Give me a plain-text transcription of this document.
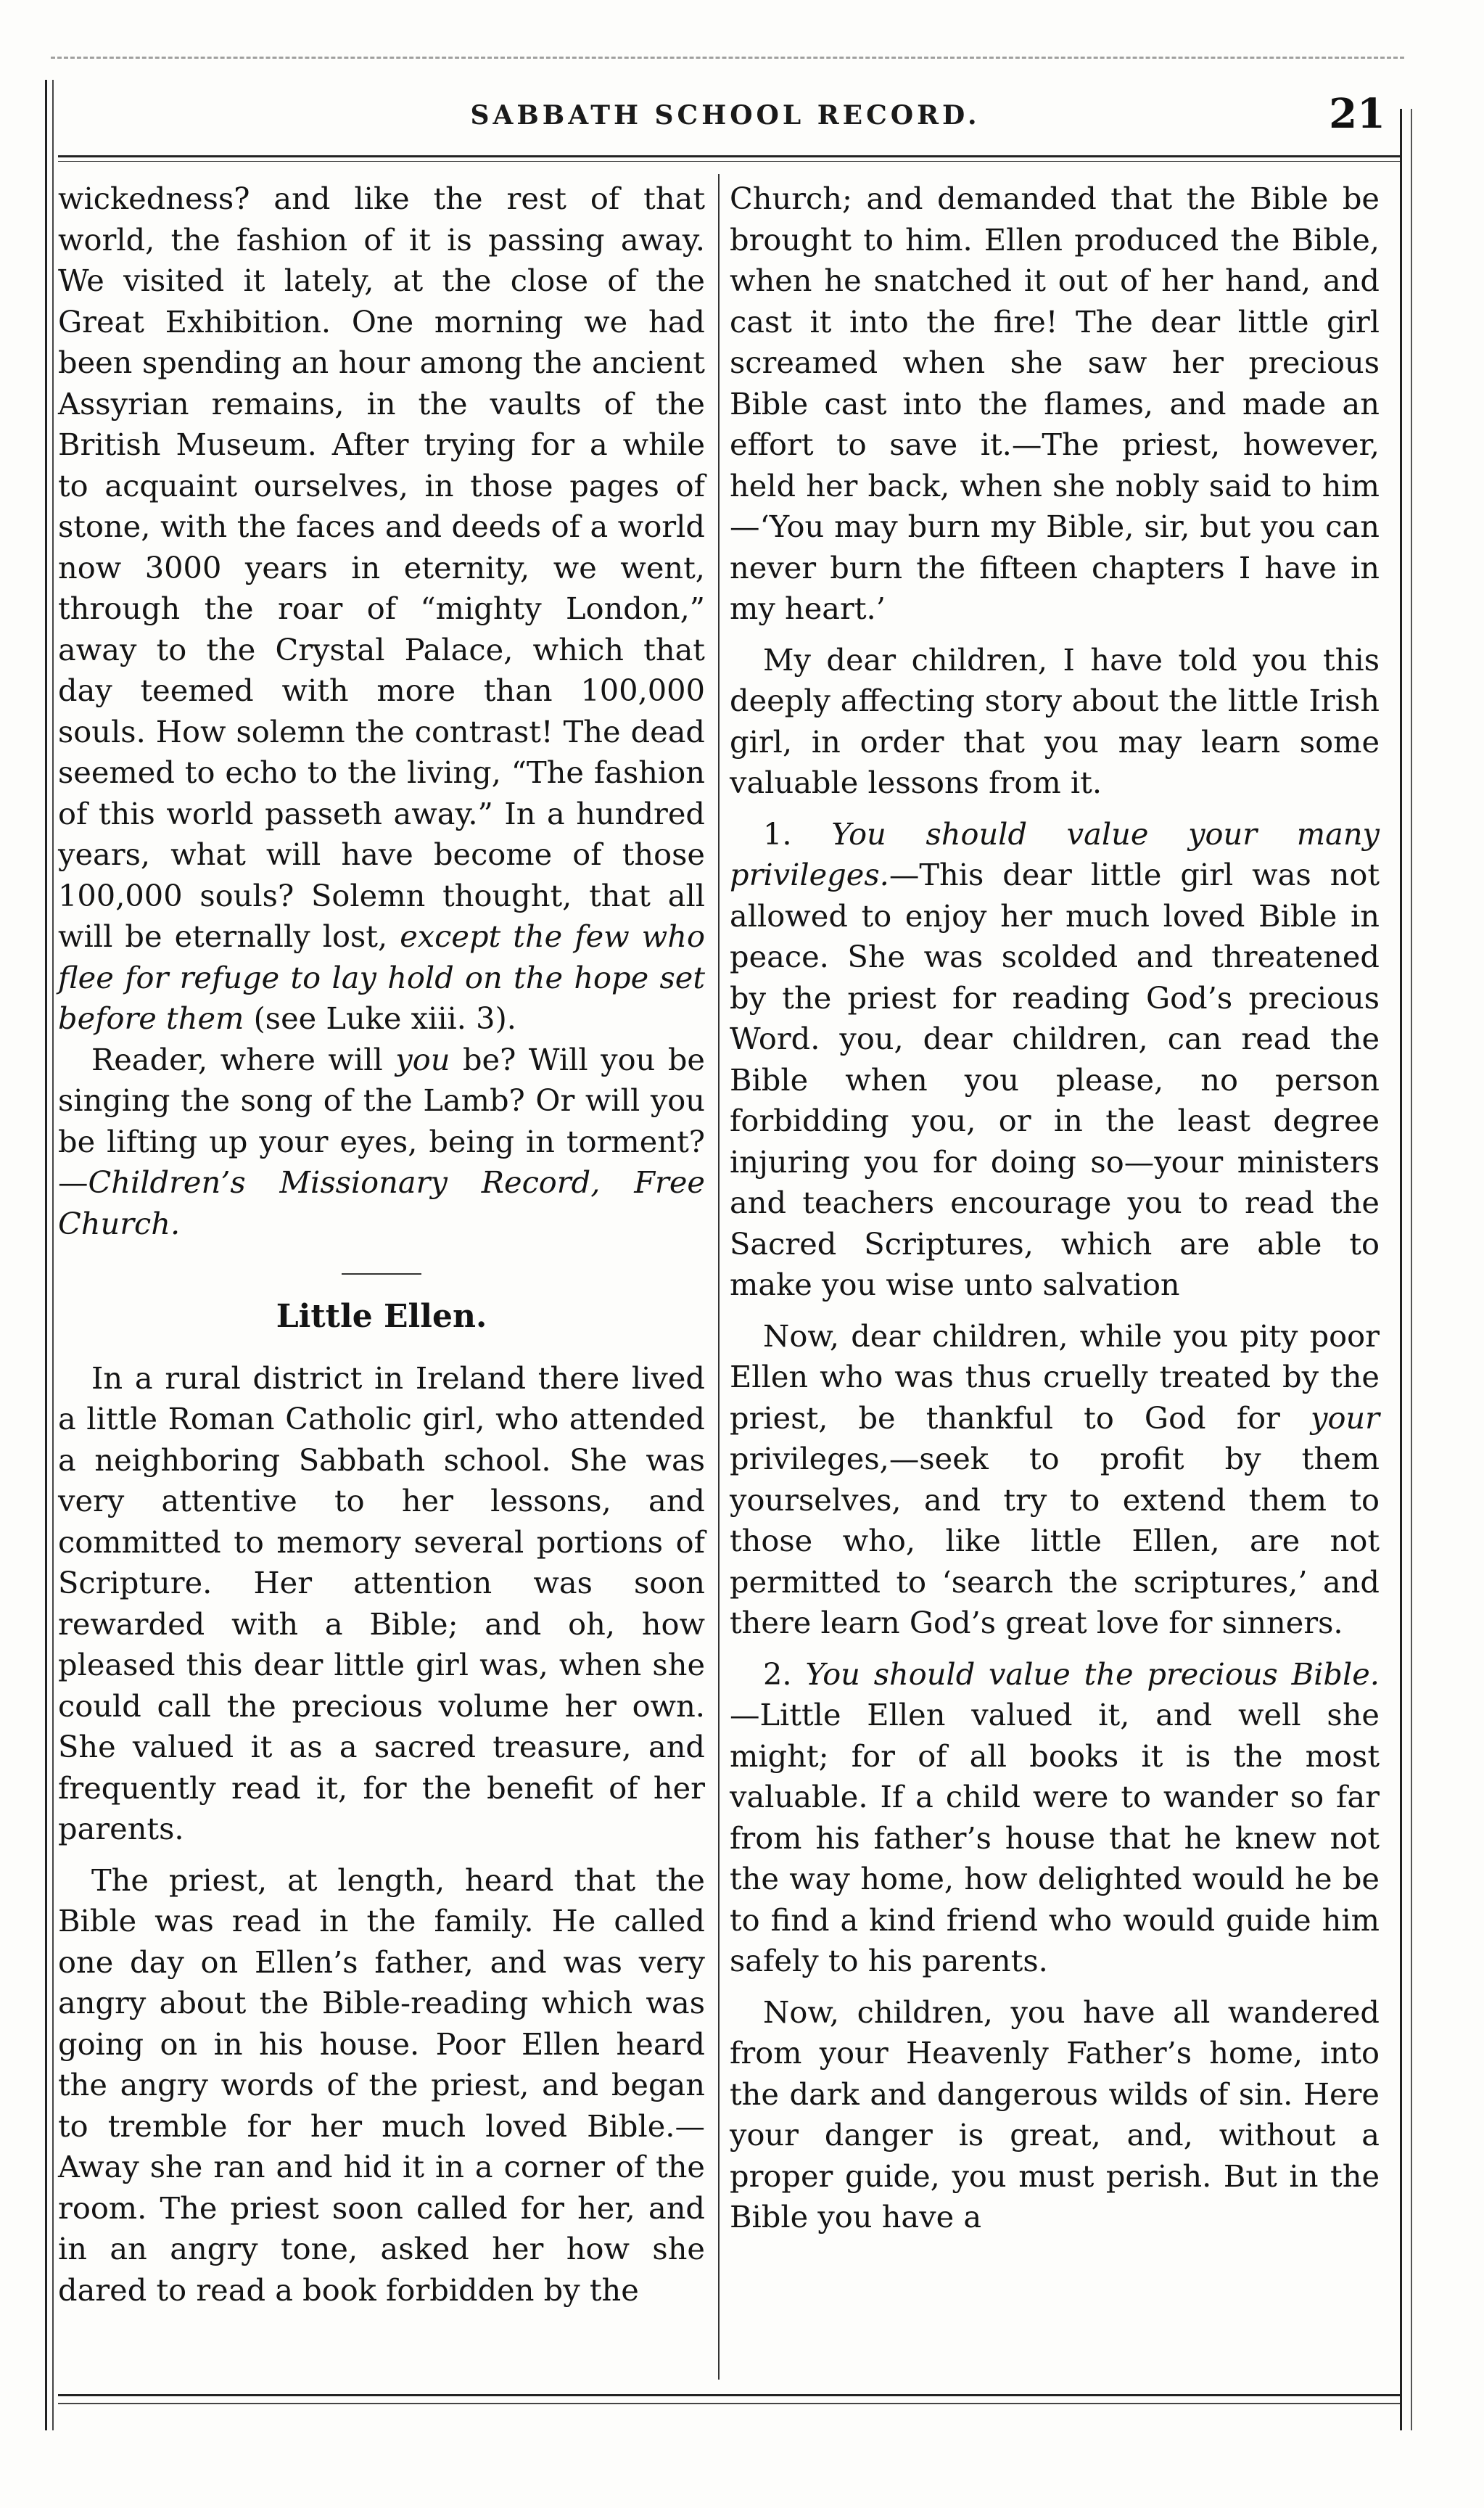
SABBATH SCHOOL RECORD.	21

wickedness? and like the rest of that world, the fashion of it is passing away. We visited it lately, at the close of the Great Exhibition. One morning we had been spending an hour among the ancient Assyrian remains, in the vaults of the British Museum. After trying for a while to acquaint ourselves, in those pages of stone, with the faces and deeds of a world now 3000 years in eternity, we went, through the roar of “mighty London,” away to the Crystal Palace, which that day teemed with more than 100,000 souls. How solemn the contrast! The dead seemed to echo to the living, “The fashion of this world passeth away.” In a hundred years, what will have become of those 100,000 souls? Solemn thought, that all will be eternally lost, except the few who flee for refuge to lay hold on the hope set before them (see Luke xiii. 3).

Reader, where will you be? Will you be singing the song of the Lamb? Or will you be lifting up your eyes, being in torment?—Children’s Missionary Record, Free Church.

Little Ellen.

In a rural district in Ireland there lived a little Roman Catholic girl, who attended a neighboring Sabbath school. She was very attentive to her lessons, and committed to memory several portions of Scripture. Her attention was soon rewarded with a Bible; and oh, how pleased this dear little girl was, when she could call the precious volume her own. She valued it as a sacred treasure, and frequently read it, for the benefit of her parents.

The priest, at length, heard that the Bible was read in the family. He called one day on Ellen’s father, and was very angry about the Bible-reading which was going on in his house. Poor Ellen heard the angry words of the priest, and began to tremble for her much loved Bible.—Away she ran and hid it in a corner of the room. The priest soon called for her, and in an angry tone, asked her how she dared to read a book forbidden by the

Church; and demanded that the Bible be brought to him. Ellen produced the Bible, when he snatched it out of her hand, and cast it into the fire! The dear little girl screamed when she saw her precious Bible cast into the flames, and made an effort to save it.—The priest, however, held her back, when she nobly said to him—‘You may burn my Bible, sir, but you can never burn the fifteen chapters I have in my heart.’

My dear children, I have told you this deeply affecting story about the little Irish girl, in order that you may learn some valuable lessons from it.

1. You should value your many privileges.—This dear little girl was not allowed to enjoy her much loved Bible in peace. She was scolded and threatened by the priest for reading God’s precious Word. you, dear children, can read the Bible when you please, no person forbidding you, or in the least degree injuring you for doing so—your ministers and teachers encourage you to read the Sacred Scriptures, which are able to make you wise unto salvation

Now, dear children, while you pity poor Ellen who was thus cruelly treated by the priest, be thankful to God for your privileges,—seek to profit by them yourselves, and try to extend them to those who, like little Ellen, are not permitted to ‘search the scriptures,’ and there learn God’s great love for sinners.

2. You should value the precious Bible.—Little Ellen valued it, and well she might; for of all books it is the most valuable. If a child were to wander so far from his father’s house that he knew not the way home, how delighted would he be to find a kind friend who would guide him safely to his parents.

Now, children, you have all wandered from your Heavenly Father’s home, into the dark and dangerous wilds of sin. Here your danger is great, and, without a proper guide, you must perish. But in the Bible you have a
